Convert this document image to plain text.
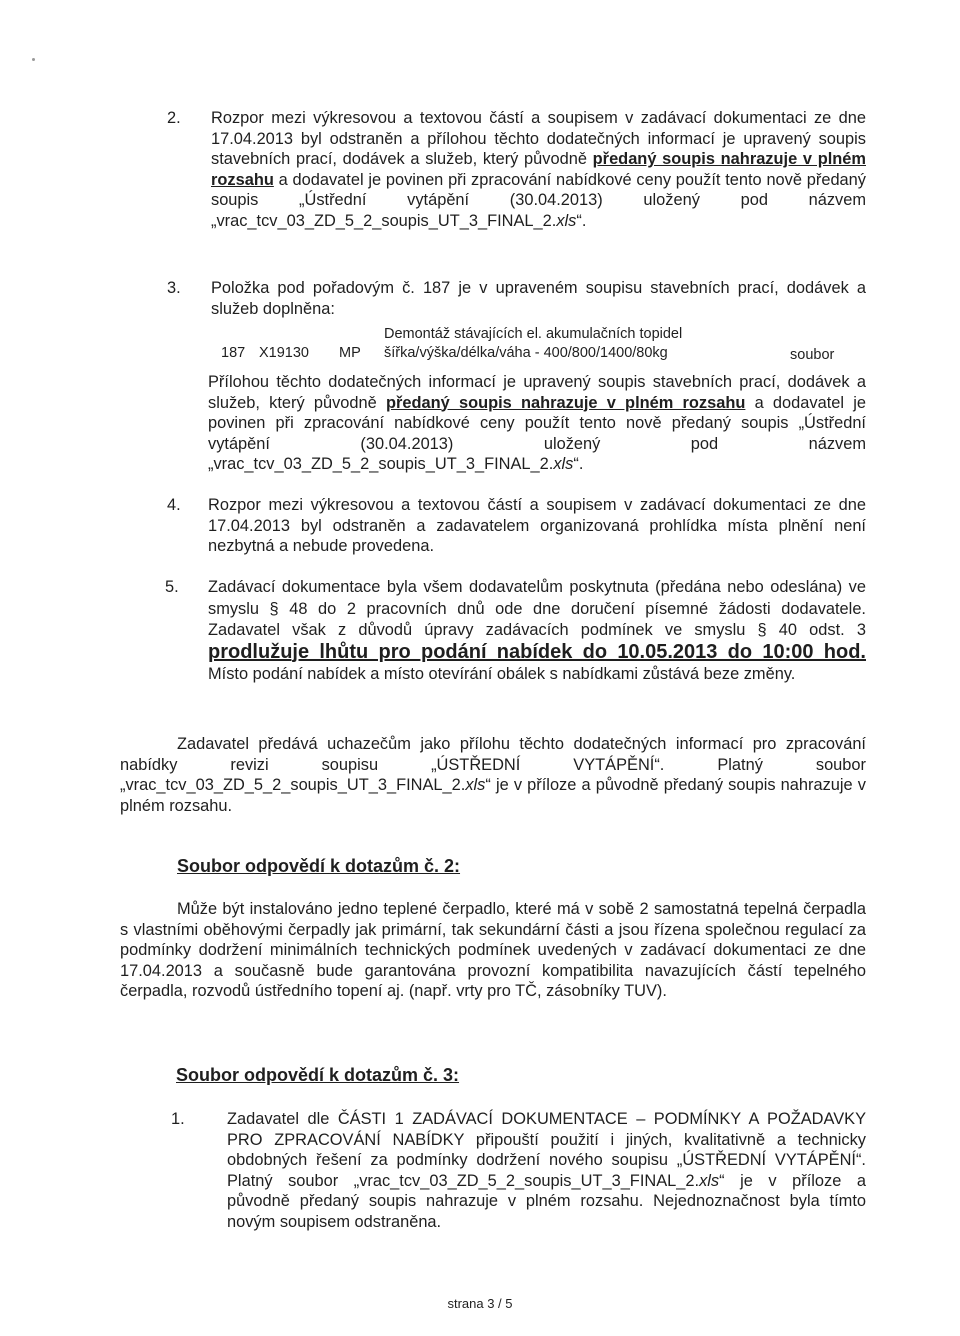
2. Rozpor mezi výkresovou a textovou částí a soupisem v zadávací dokumentaci ze dne 17.04.2013 byl odstraněn a přílohou těchto dodatečných informací je upravený soupis stavebních prací, dodávek a služeb, který původně předaný soupis nahrazuje v plném rozsahu a dodavatel je povinen při zpracování nabídkové ceny použít tento nově předaný soupis „Ústřední vytápění (30.04.2013) uložený pod názvem „vrac_tcv_03_ZD_5_2_soupis_UT_3_FINAL_2.xls“.

3. Položka pod pořadovým č. 187 je v upraveném soupisu stavebních prací, dodávek a služeb doplněna:
187 X19130 MP
Demontáž stávajících el. akumulačních topidel
šířka/výška/délka/váha - 400/800/1400/80kg	soubor

Přílohou těchto dodatečných informací je upravený soupis stavebních prací, dodávek a služeb, který původně předaný soupis nahrazuje v plném rozsahu a dodavatel je povinen při zpracování nabídkové ceny použít tento nově předaný soupis „Ústřední vytápění (30.04.2013) uložený pod názvem „vrac_tcv_03_ZD_5_2_soupis_UT_3_FINAL_2.xls“.

4. Rozpor mezi výkresovou a textovou částí a soupisem v zadávací dokumentaci ze dne 17.04.2013 byl odstraněn a zadavatelem organizovaná prohlídka místa plnění není nezbytná a nebude provedena.
5. Zadávací dokumentace byla všem dodavatelům poskytnuta (předána nebo odeslána) ve smyslu § 48 do 2 pracovních dnů ode dne doručení písemné žádosti dodavatele. Zadavatel však z důvodů úpravy zadávacích podmínek ve smyslu § 40 odst. 3 prodlužuje lhůtu pro podání nabídek do 10.05.2013 do 10:00 hod. Místo podání nabídek a místo otevírání obálek s nabídkami zůstává beze změny.

Zadavatel předává uchazečům jako přílohu těchto dodatečných informací pro zpracování nabídky revizi soupisu „ÚSTŘEDNÍ VYTÁPĚNÍ“. Platný soubor „vrac_tcv_03_ZD_5_2_soupis_UT_3_FINAL_2.xls“ je v příloze a původně předaný soupis nahrazuje v plném rozsahu.

Soubor odpovědí k dotazům č. 2:
Může být instalováno jedno teplené čerpadlo, které má v sobě 2 samostatná tepelná čerpadla s vlastními oběhovými čerpadly jak primární, tak sekundární části a jsou řízena společnou regulací za podmínky dodržení minimálních technických podmínek uvedených v zadávací dokumentaci ze dne 17.04.2013 a současně bude garantována provozní kompatibilita navazujících částí tepelného čerpadla, rozvodů ústředního topení aj. (např. vrty pro TČ, zásobníky TUV).
Soubor odpovědí k dotazům č. 3:
1.	Zadavatel dle ČÁSTI 1 ZADÁVACÍ DOKUMENTACE – PODMÍNKY A POŽADAVKY PRO ZPRACOVÁNÍ NABÍDKY připouští použití i jiných, kvalitativně a technicky obdobných řešení za podmínky dodržení nového soupisu „ÚSTŘEDNÍ VYTÁPĚNÍ“. Platný soubor „vrac_tcv_03_ZD_5_2_soupis_UT_3_FINAL_2.xls“ je v příloze a původně předaný soupis nahrazuje v plném rozsahu. Nejednoznačnost byla tímto novým soupisem odstraněna.

strana 3 / 5
